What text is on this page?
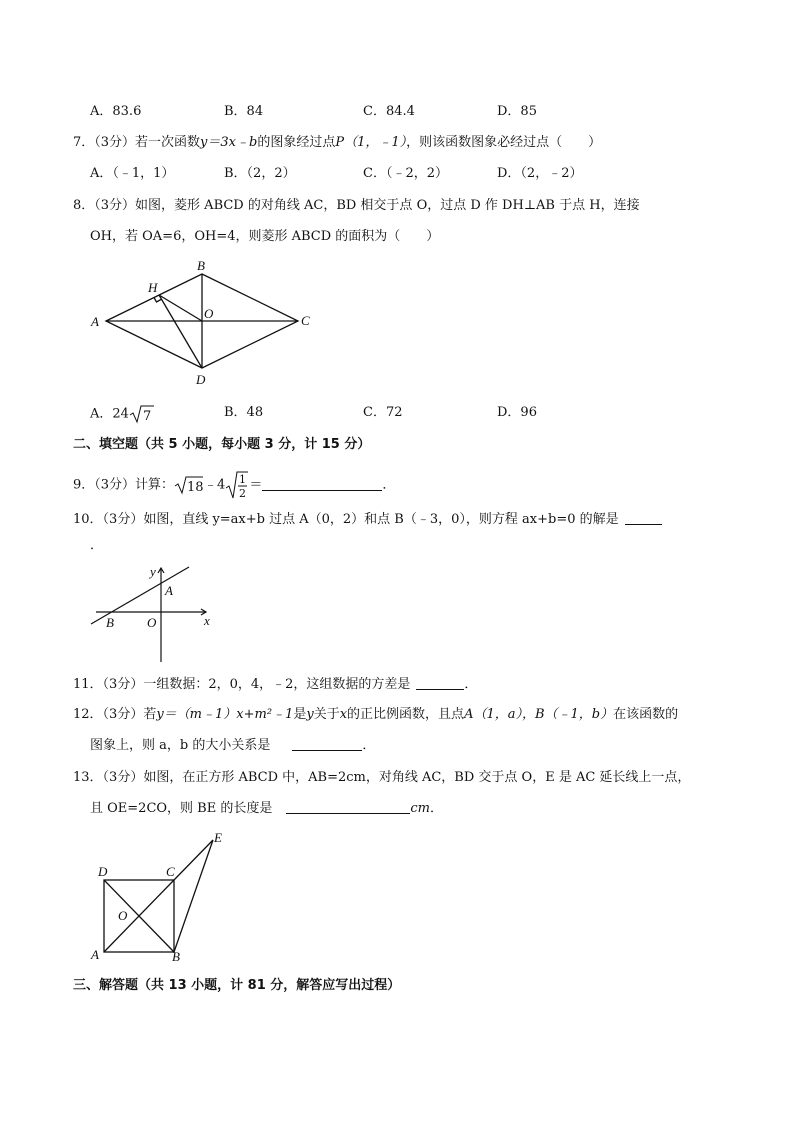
A．83.6	B．84	C．84.4	D．85
7．（3分）若一次函数y＝3x﹣b的图象经过点P（1，﹣1），则该函数图象必经过点（　　）
A．（﹣1，1）	B．（2，2）	C．（﹣2，2）	D．（2，﹣2）
8．（3分）如图，菱形 ABCD 的对角线 AC，BD 相交于点 O，过点 D 作 DH⊥AB 于点 H，连接
OH，若 OA=6，OH=4，则菱形 ABCD 的面积为（　　）
A
B
C
D
H
O
A．24 7	B．48	C．72	D．96
二、填空题（共 5 小题，每小题 3 分，计 15 分）
9．（3分）计算： 18 ﹣4 1
2
＝	．
10．（3分）如图，直线 y=ax+b 过点 A（0，2）和点 B（﹣3，0），则方程 ax+b=0 的解是
．
y
x
A
B	O
11．（3分）一组数据：2，0，4，﹣2，这组数据的方差是	．
12．（3分）若y＝（m﹣1）x+m²﹣1是y关于x的正比例函数，且点A（1，a），B（﹣1，b）在该函数的
图象上，则 a，b 的大小关系是	．
13．（3分）如图，在正方形 ABCD 中，AB=2cm，对角线 AC，BD 交于点 O，E 是 AC 延长线上一点，
且 OE=2CO，则 BE 的长度是	cm．
A	B
C
D
E
O
三、解答题（共 13 小题，计 81 分，解答应写出过程）
